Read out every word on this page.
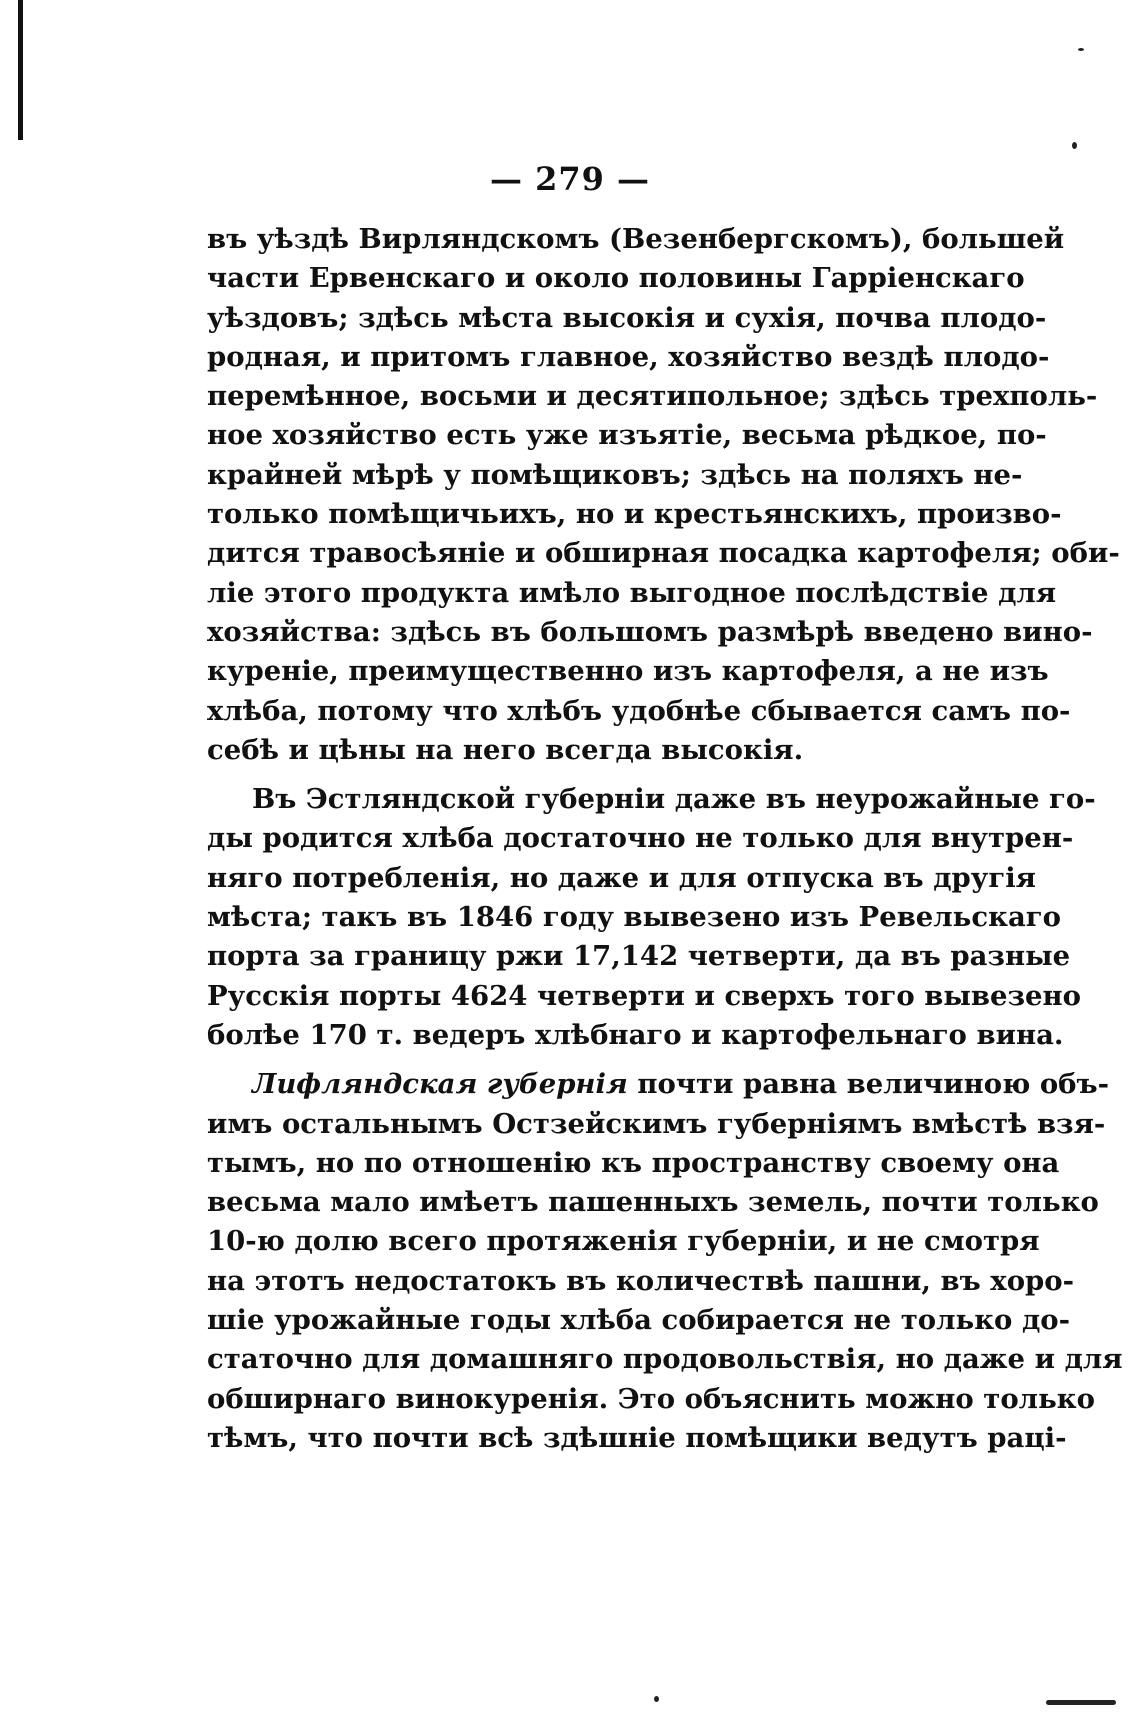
— 279 —
въ уѣздѣ Вирляндскомъ (Везенбергскомъ), большей
части Ервенскаго и около половины Гарріенскаго
уѣздовъ; здѣсь мѣста высокія и сухія, почва плодо-
родная, и притомъ главное, хозяйство вездѣ плодо-
перемѣнное, восьми и десятипольное; здѣсь трехполь-
ное хозяйство есть уже изъятіе, весьма рѣдкое, по-
крайней мѣрѣ у помѣщиковъ; здѣсь на поляхъ не-
только помѣщичьихъ, но и крестьянскихъ, произво-
дится травосѣяніе и обширная посадка картофеля; оби-
ліе этого продукта имѣло выгодное послѣдствіе для
хозяйства: здѣсь въ большомъ размѣрѣ введено вино-
куреніе, преимущественно изъ картофеля, а не изъ
хлѣба, потому что хлѣбъ удобнѣе сбывается самъ по-
себѣ и цѣны на него всегда высокія.
Въ Эстляндской губерніи даже въ неурожайные го-
ды родится хлѣба достаточно не только для внутрен-
няго потребленія, но даже и для отпуска въ другія
мѣста; такъ въ 1846 году вывезено изъ Ревельскаго
порта за границу ржи 17,142 четверти, да въ разные
Русскія порты 4624 четверти и сверхъ того вывезено
болѣе 170 т. ведеръ хлѣбнаго и картофельнаго вина.
Лифляндская губернія почти равна величиною объ-
имъ остальнымъ Остзейскимъ губерніямъ вмѣстѣ взя-
тымъ, но по отношенію къ пространству своему она
весьма мало имѣетъ пашенныхъ земель, почти только
10-ю долю всего протяженія губерніи, и не смотря
на этотъ недостатокъ въ количествѣ пашни, въ хоро-
шіе урожайные годы хлѣба собирается не только до-
статочно для домашняго продовольствія, но даже и для
обширнаго винокуренія. Это объяснить можно только
тѣмъ, что почти всѣ здѣшніе помѣщики ведутъ раці-
